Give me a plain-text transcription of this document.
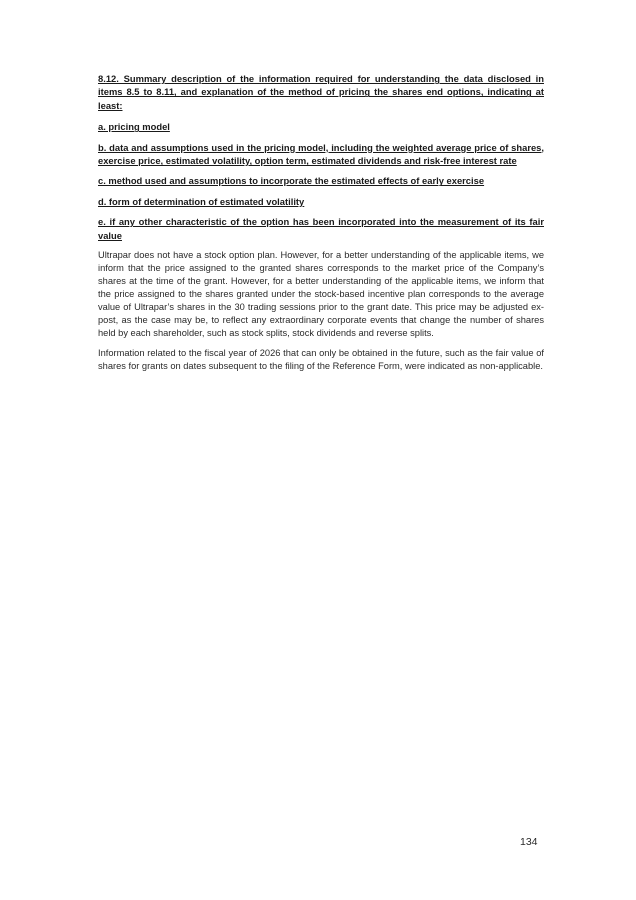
8.12. Summary description of the information required for understanding the data disclosed in items 8.5 to 8.11, and explanation of the method of pricing the shares end options, indicating at least:

a. pricing model

b. data and assumptions used in the pricing model, including the weighted average price of shares, exercise price, estimated volatility, option term, estimated dividends and risk-free interest rate

c. method used and assumptions to incorporate the estimated effects of early exercise

d. form of determination of estimated volatility

e. if any other characteristic of the option has been incorporated into the measurement of its fair value

Ultrapar does not have a stock option plan. However, for a better understanding of the applicable items, we inform that the price assigned to the granted shares corresponds to the market price of the Company’s shares at the time of the grant. However, for a better understanding of the applicable items, we inform that the price assigned to the shares granted under the stock-based incentive plan corresponds to the average value of Ultrapar’s shares in the 30 trading sessions prior to the grant date. This price may be adjusted ex-post, as the case may be, to reflect any extraordinary corporate events that change the number of shares held by each shareholder, such as stock splits, stock dividends and reverse splits.

Information related to the fiscal year of 2026 that can only be obtained in the future, such as the fair value of shares for grants on dates subsequent to the filing of the Reference Form, were indicated as non-applicable.

134
